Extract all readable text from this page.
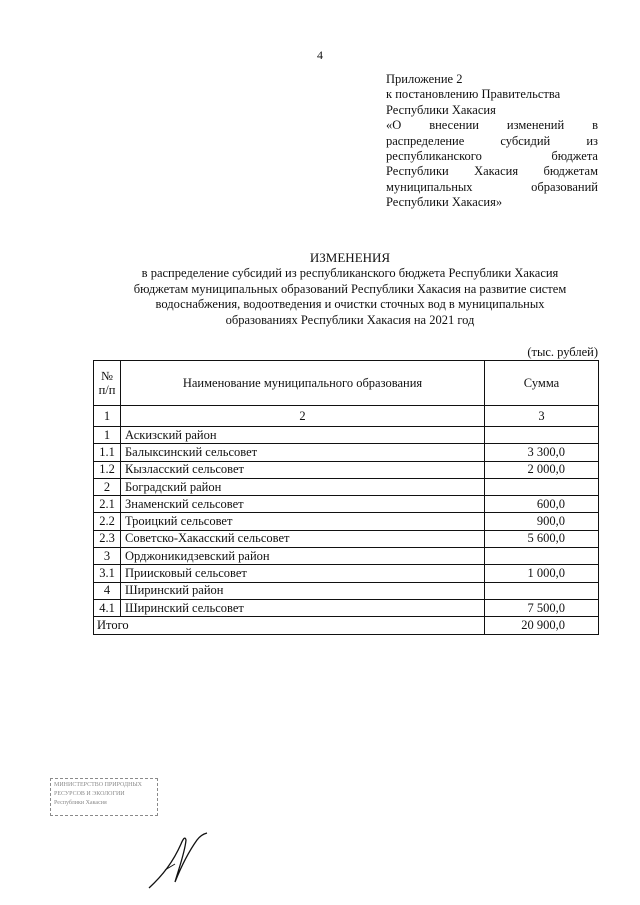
4
Приложение 2
к постановлению Правительства
Республики Хакасия
«О внесении изменений в
распределение субсидий из
республиканского бюджета
Республики Хакасия бюджетам
муниципальных образований
Республики Хакасия»
ИЗМЕНЕНИЯ
в распределение субсидий из республиканского бюджета Республики Хакасия
бюджетам муниципальных образований Республики Хакасия на развитие систем
водоснабжения, водоотведения и очистки сточных вод в муниципальных
образованиях Республики Хакасия на 2021 год
(тыс. рублей)
№ п/п	Наименование муниципального образования	Сумма
1	2	3
1	Аскизский район	
1.1	Балыксинский сельсовет	3 300,0
1.2	Кызласский сельсовет	2 000,0
2	Боградский район	
2.1	Знаменский сельсовет	600,0
2.2	Троицкий сельсовет	900,0
2.3	Советско-Хакасский сельсовет	5 600,0
3	Орджоникидзевский район	
3.1	Приисковый сельсовет	1 000,0
4	Ширинский район	
4.1	Ширинский сельсовет	7 500,0
Итого		20 900,0
МИНИСТЕРСТВО ПРИРОДНЫХ
РЕСУРСОВ И ЭКОЛОГИИ
Республики Хакасия
